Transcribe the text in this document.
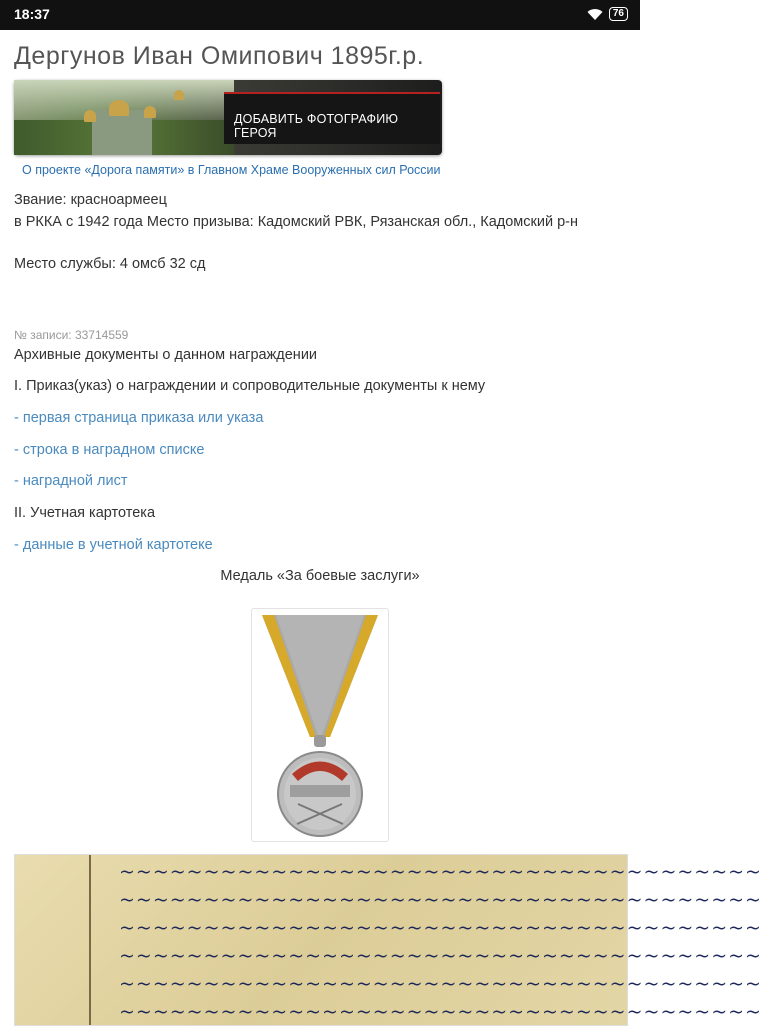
18:37	76
Дергунов Иван Омипович 1895г.р.
ДОБАВИТЬ ФОТОГРАФИЮ ГЕРОЯ
О проекте «Дорога памяти» в Главном Храме Вооруженных сил России
Звание: красноармеец
в РККА с 1942 года Место призыва: Кадомский РВК, Рязанская обл., Кадомский р-н
Место службы: 4 омсб 32 сд
№ записи: 33714559
Архивные документы о данном награждении
I. Приказ(указ) о награждении и сопроводительные документы к нему
- первая страница приказа или указа
- строка в наградном списке
- наградной лист
II. Учетная картотека
- данные в учетной картотеке
Медаль «За боевые заслуги»
~~~~~~~~~~~~~~~~~~~~~~~~~~~~~~~~~~~~~~
~~~~~~~~~~~~~~~~~~~~~~~~~~~~~~~~~~~~~~
~~~~~~~~~~~~~~~~~~~~~~~~~~~~~~~~~~~~~~
~~~~~~~~~~~~~~~~~~~~~~~~~~~~~~~~~~~~~~
~~~~~~~~~~~~~~~~~~~~~~~~~~~~~~~~~~~~~~
~~~~~~~~~~~~~~~~~~~~~~~~~~~~~~~~~~~~~~
